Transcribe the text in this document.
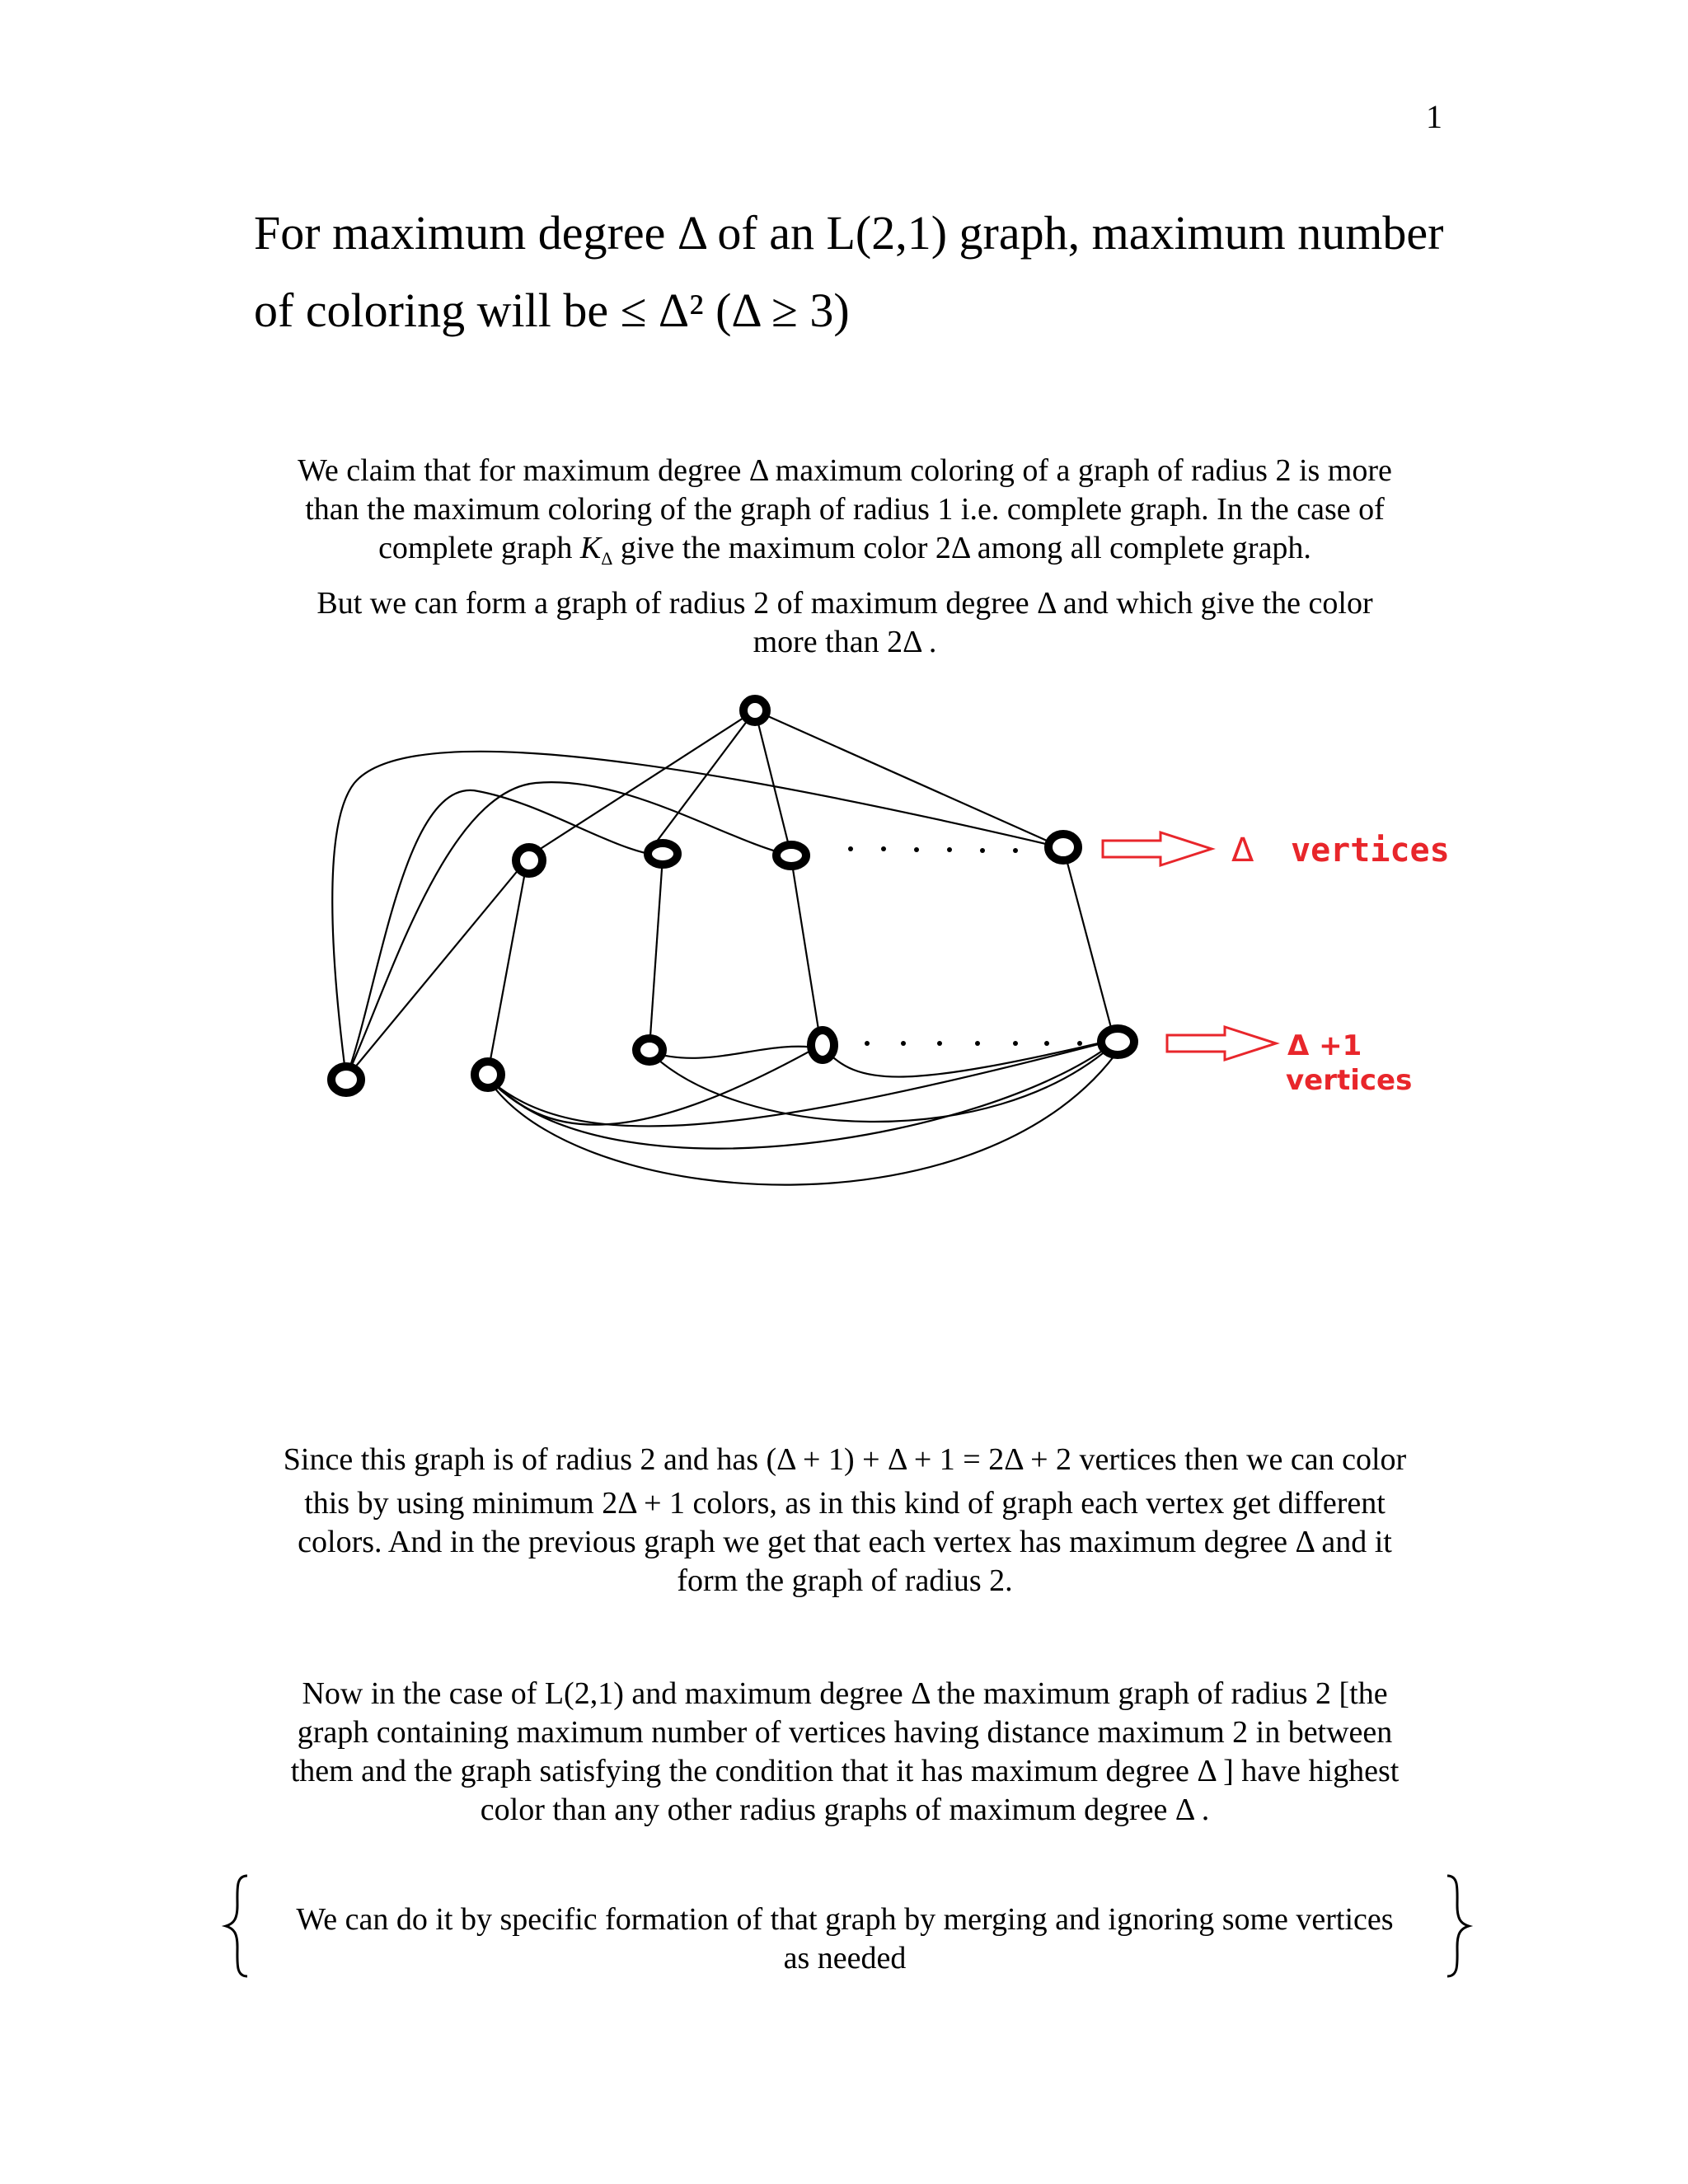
1
For maximum degree Δ of an L(2,1) graph, maximum number
of coloring will be ≤ Δ² (Δ ≥ 3)
We claim that for maximum degree Δ maximum coloring of a graph of radius 2 is more
than the maximum coloring of the graph of radius 1 i.e. complete graph. In the case of
complete graph $K_\Delta$ give the maximum color 2Δ among all complete graph.
But we can form a graph of radius 2 of maximum degree Δ and which give the color
more than 2Δ .
Δ vertices
Δ +1
vertices
Since this graph is of radius 2 and has (Δ + 1) + Δ + 1 = 2Δ + 2 vertices then we can color
this by using minimum 2Δ + 1 colors, as in this kind of graph each vertex get different
colors. And in the previous graph we get that each vertex has maximum degree Δ and it
form the graph of radius 2.
Now in the case of L(2,1) and maximum degree Δ the maximum graph of radius 2 [the
graph containing maximum number of vertices having distance maximum 2 in between
them and the graph satisfying the condition that it has maximum degree Δ ] have highest
color than any other radius graphs of maximum degree Δ .
We can do it by specific formation of that graph by merging and ignoring some vertices
as needed
